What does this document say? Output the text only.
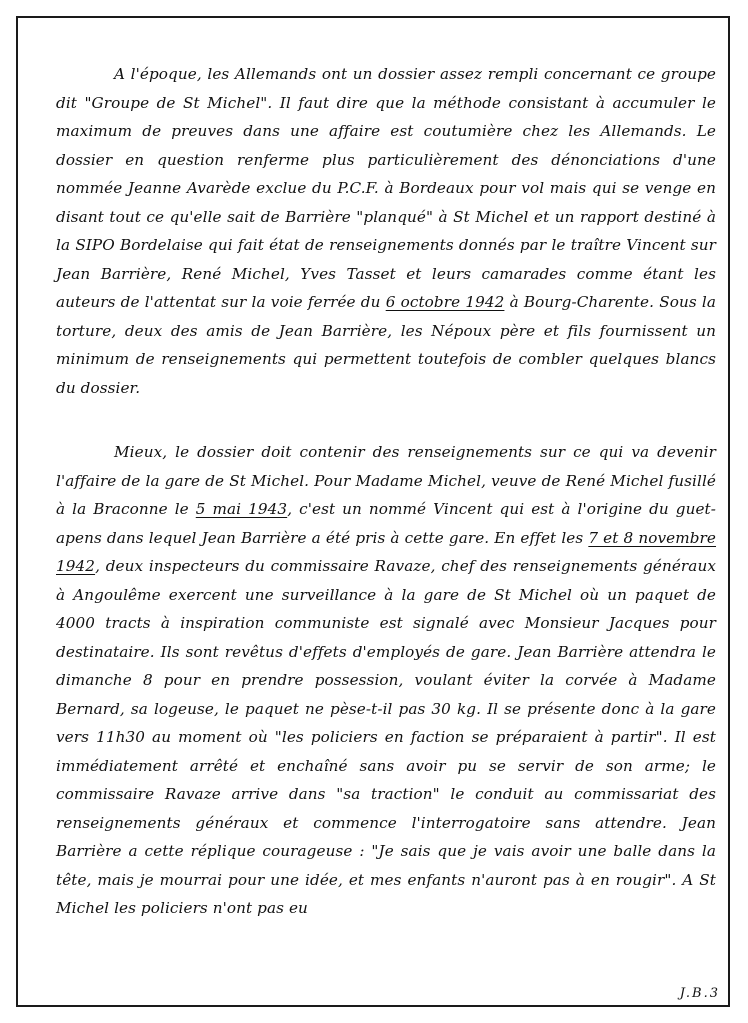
A l'époque, les Allemands ont un dossier assez rempli concernant ce groupe dit "Groupe de St Michel". Il faut dire que la méthode consistant à accumuler le maximum de preuves dans une affaire est coutumière chez les Allemands. Le dossier en question renferme plus particulièrement des dénonciations d'une nommée Jeanne Avarède exclue du P.C.F. à Bordeaux pour vol mais qui se venge en disant tout ce qu'elle sait de Barrière "planqué" à St Michel et un rapport destiné à la SIPO Bordelaise qui fait état de renseignements donnés par le traître Vincent sur Jean Barrière, René Michel, Yves Tasset et leurs camarades comme étant les auteurs de l'attentat sur la voie ferrée du 6 octobre 1942 à Bourg-Charente. Sous la torture, deux des amis de Jean Barrière, les Népoux père et fils fournissent un minimum de renseignements qui permettent toutefois de combler quelques blancs du dossier.

Mieux, le dossier doit contenir des renseignements sur ce qui va devenir l'affaire de la gare de St Michel. Pour Madame Michel, veuve de René Michel fusillé à la Braconne le 5 mai 1943, c'est un nommé Vincent qui est à l'origine du guet-apens dans lequel Jean Barrière a été pris à cette gare. En effet les 7 et 8 novembre 1942, deux inspecteurs du commissaire Ravaze, chef des renseignements généraux à Angoulême exercent une surveillance à la gare de St Michel où un paquet de 4000 tracts à inspiration communiste est signalé avec Monsieur Jacques pour destinataire. Ils sont revêtus d'effets d'employés de gare. Jean Barrière attendra le dimanche 8 pour en prendre possession, voulant éviter la corvée à Madame Bernard, sa logeuse, le paquet ne pèse-t-il pas 30 kg. Il se présente donc à la gare vers 11h30 au moment où "les policiers en faction se préparaient à partir". Il est immédiatement arrêté et enchaîné sans avoir pu se servir de son arme; le commissaire Ravaze arrive dans "sa traction" le conduit au commissariat des renseignements généraux et commence l'interrogatoire sans attendre. Jean Barrière a cette réplique courageuse : "Je sais que je vais avoir une balle dans la tête, mais je mourrai pour une idée, et mes enfants n'auront pas à en rougir". A St Michel les policiers n'ont pas eu

J.B.3
